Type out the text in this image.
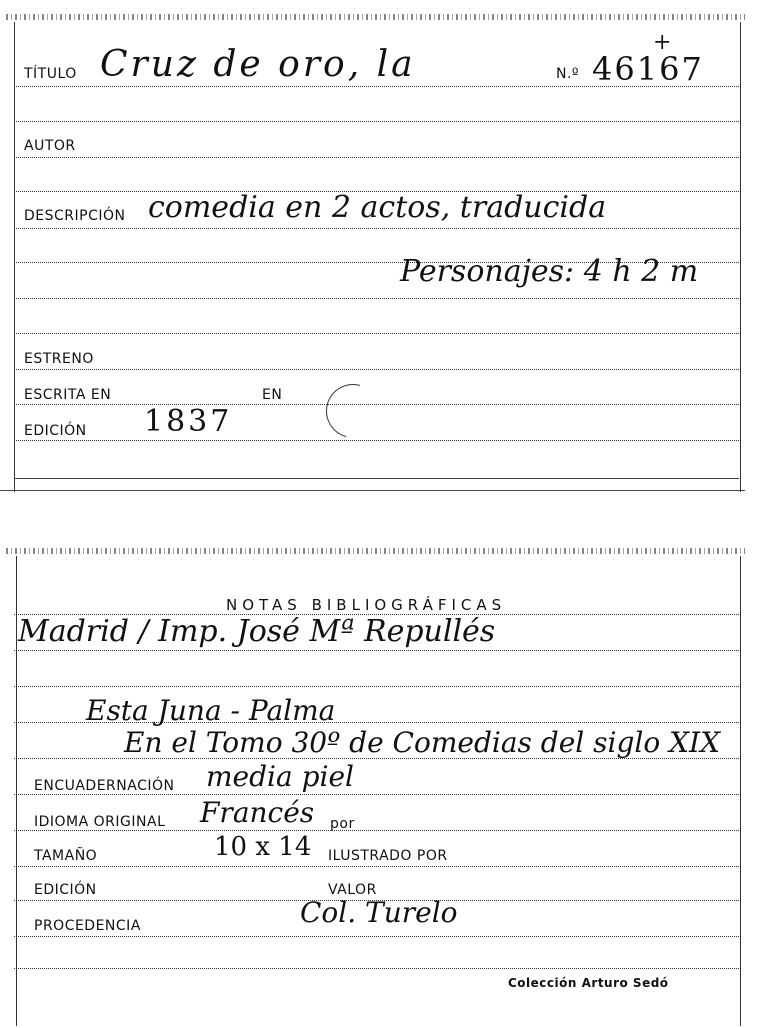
TÍTULO Cruz de oro, la	N.º 46167
+
AUTOR
DESCRIPCIÓN comedia en 2 actos, traducida
Personajes: 4 h 2 m
ESTRENO
ESCRITA EN	EN
EDICIÓN 1837
NOTAS BIBLIOGRÁFICAS
Madrid / Imp. José Mª Repullés
Esta Juna - Palma
En el Tomo 30º de Comedias del siglo XIX
ENCUADERNACIÓN media piel
IDIOMA ORIGINAL Francés por
TAMAÑO	10 x 14 ILUSTRADO POR
EDICIÓN	VALOR
PROCEDENCIA	Col. Turelo
Colección Arturo Sedó
